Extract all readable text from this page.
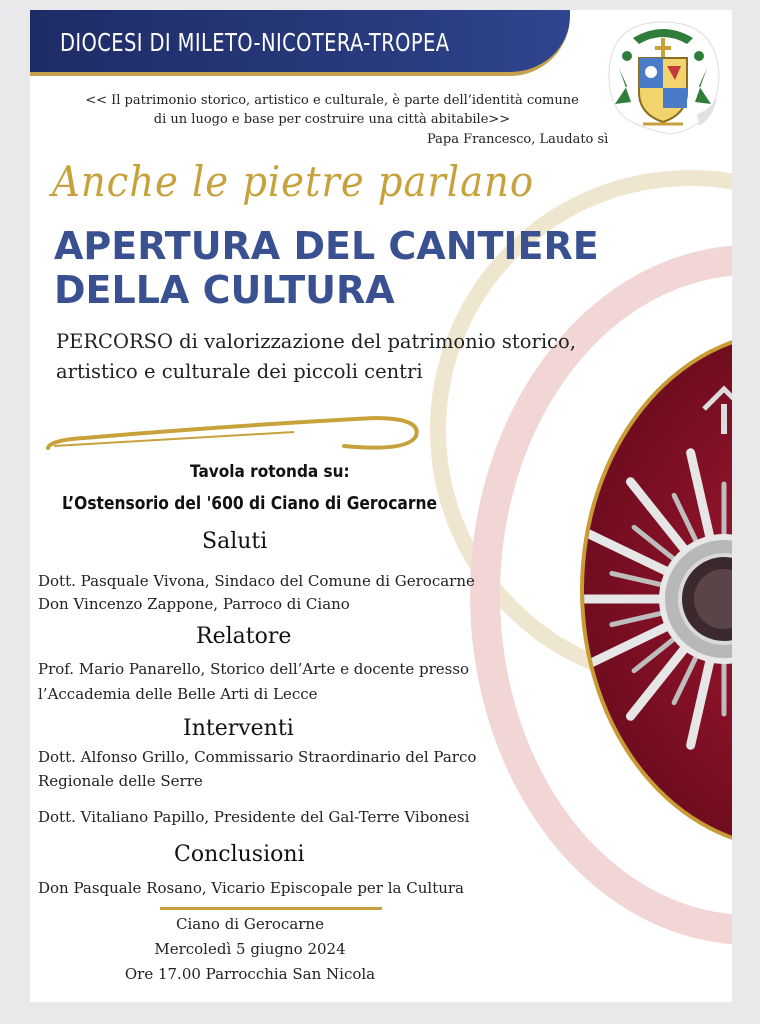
DIOCESI DI MILETO-NICOTERA-TROPEA
<< Il patrimonio storico, artistico e culturale, è parte dell’identità comune
di un luogo e base per costruire una città abitabile>>
Papa Francesco, Laudato sì
Anche le pietre parlano
APERTURA DEL CANTIERE
DELLA CULTURA
PERCORSO di valorizzazione del patrimonio storico,
artistico e culturale dei piccoli centri
Tavola rotonda su:
L’Ostensorio del '600 di Ciano di Gerocarne
Saluti
Dott. Pasquale Vivona, Sindaco del Comune di Gerocarne
Don Vincenzo Zappone, Parroco di Ciano
Relatore
Prof. Mario Panarello, Storico dell’Arte e docente presso
l’Accademia delle Belle Arti di Lecce
Interventi
Dott. Alfonso Grillo, Commissario Straordinario del Parco
Regionale delle Serre
Dott. Vitaliano Papillo, Presidente del Gal-Terre Vibonesi
Conclusioni
Don Pasquale Rosano, Vicario Episcopale per la Cultura
Ciano di Gerocarne
Mercoledì 5 giugno 2024
Ore 17.00 Parrocchia San Nicola
